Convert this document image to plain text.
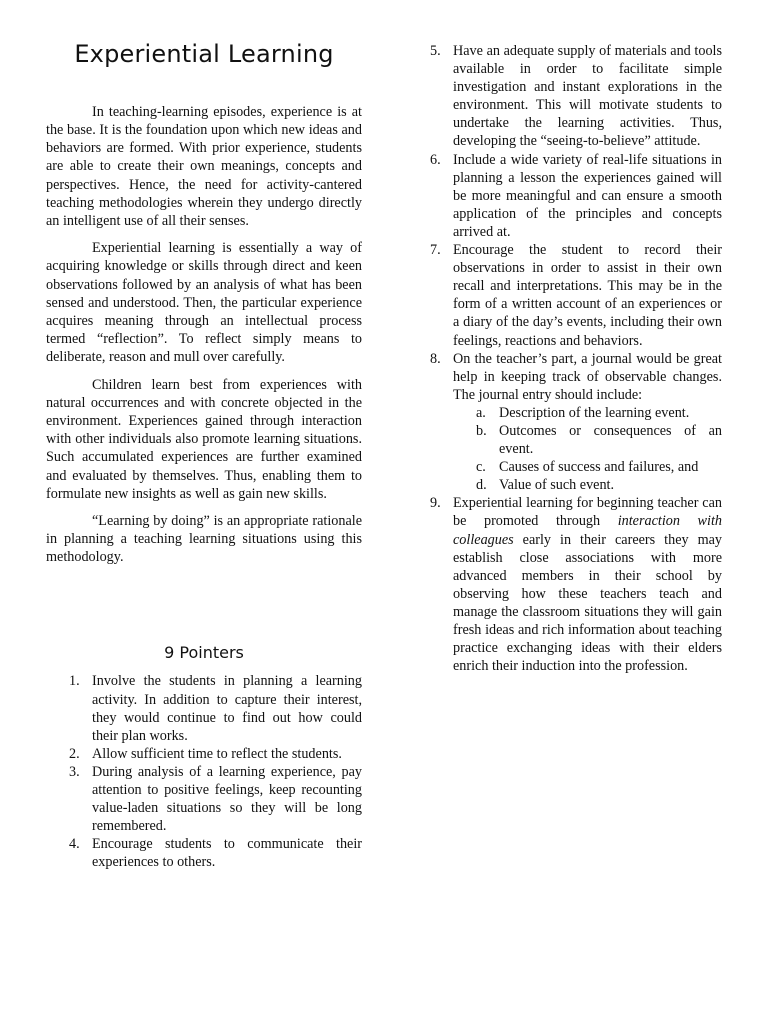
Experiential Learning

In teaching-learning episodes, experience is at the base. It is the foundation upon which new ideas and behaviors are formed. With prior experience, students are able to create their own meanings, concepts and perspectives. Hence, the need for activity-cantered teaching methodologies wherein they undergo directly an intelligent use of all their senses.

Experiential learning is essentially a way of acquiring knowledge or skills through direct and keen observations followed by an analysis of what has been sensed and understood. Then, the particular experience acquires meaning through an intellectual process termed “reflection”. To reflect simply means to deliberate, reason and mull over carefully.

Children learn best from experiences with natural occurrences and with concrete objected in the environment. Experiences gained through interaction with other individuals also promote learning situations. Such accumulated experiences are further examined and evaluated by themselves. Thus, enabling them to formulate new insights as well as gain new skills.

“Learning by doing” is an appropriate rationale in planning a teaching learning situations using this methodology.

9 Pointers
1. Involve the students in planning a learning activity. In addition to capture their interest, they would continue to find out how could their plan works.
2. Allow sufficient time to reflect the students.
3. During analysis of a learning experience, pay attention to positive feelings, keep recounting value-laden situations so they will be long remembered.
4. Encourage students to communicate their experiences to others.
5. Have an adequate supply of materials and tools available in order to facilitate simple investigation and instant explorations in the environment. This will motivate students to undertake the learning activities. Thus, developing the “seeing-to-believe” attitude.
6. Include a wide variety of real-life situations in planning a lesson the experiences gained will be more meaningful and can ensure a smooth application of the principles and concepts arrived at.
7. Encourage the student to record their observations in order to assist in their own recall and interpretations. This may be in the form of a written account of an experiences or a diary of the day’s events, including their own feelings, reactions and behaviors.
8. On the teacher’s part, a journal would be great help in keeping track of observable changes. The journal entry should include:
a. Description of the learning event.
b. Outcomes or consequences of an event.
c. Causes of success and failures, and
d. Value of such event.
9. Experiential learning for beginning teacher can be promoted through interaction with colleagues early in their careers they may establish close associations with more advanced members in their school by observing how these teachers teach and manage the classroom situations they will gain fresh ideas and rich information about teaching practice exchanging ideas with their elders enrich their induction into the profession.
